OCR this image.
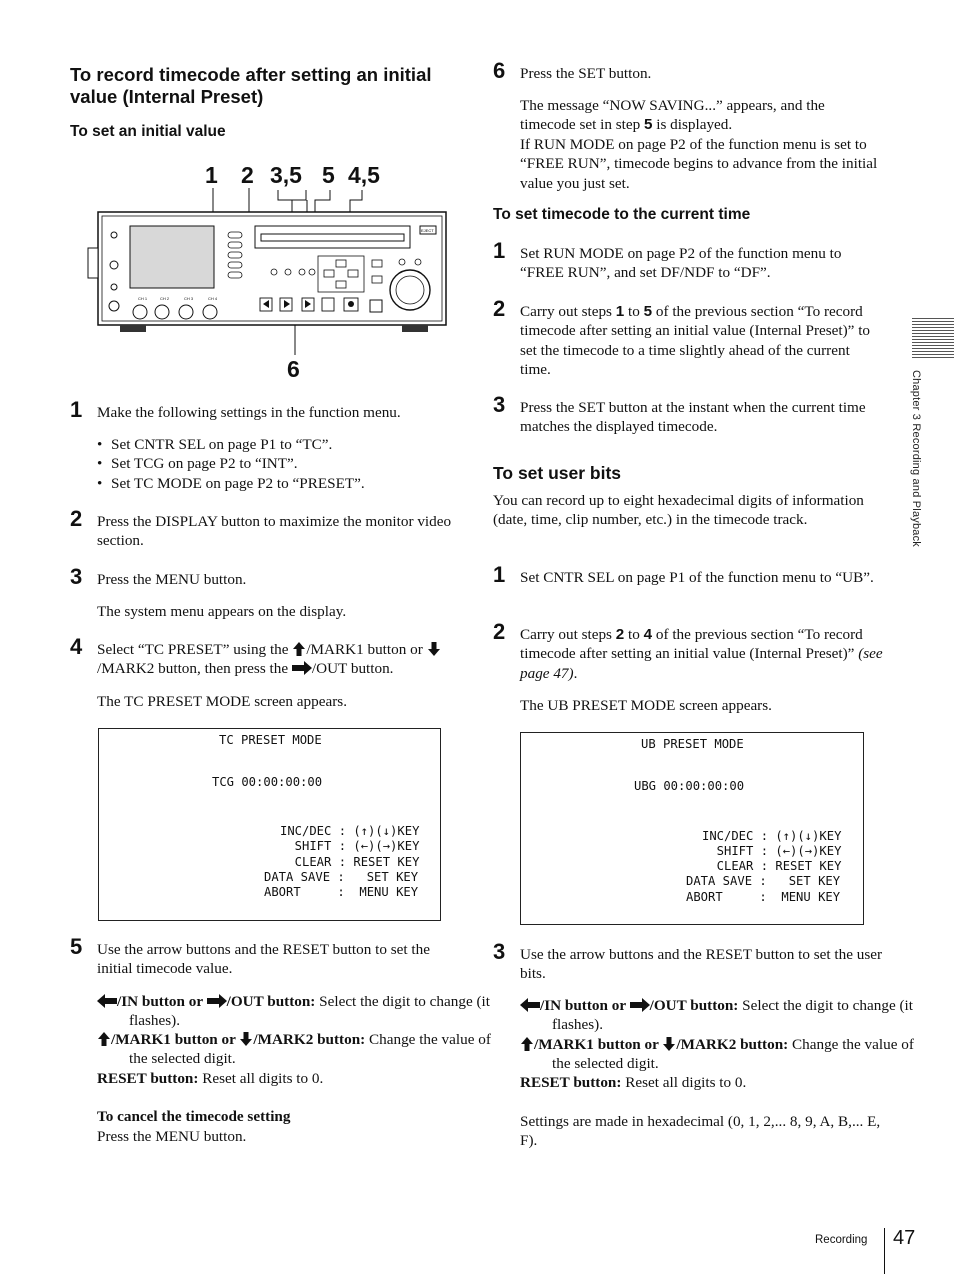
To record timecode after setting an initial value (Internal Preset)
To set an initial value
EJECT
CH 1	CH 2	CH 3	CH 4
1 2 3,5 5 4,5
6
1 Make the following settings in the function menu.
• Set CNTR SEL on page P1 to “TC”.
• Set TCG on page P2 to “INT”.
• Set TC MODE on page P2 to “PRESET”.
2 Press the DISPLAY button to maximize the monitor video section.
3 Press the MENU button.
The system menu appears on the display.
4 Select “TC PRESET” using the /MARK1 button or /MARK2 button, then press the /OUT button.
The TC PRESET MODE screen appears.
TC PRESET MODE
TCG 00:00:00:00
INC/DEC : (↑)(↓)KEY
SHIFT : (←)(→)KEY
CLEAR : RESET KEY
DATA SAVE :   SET KEY
ABORT     :  MENU KEY
5 Use the arrow buttons and the RESET button to set the initial timecode value.
/IN button or /OUT button: Select the digit to change (it flashes).
/MARK1 button or /MARK2 button: Change the value of the selected digit.
RESET button: Reset all digits to 0.
To cancel the timecode setting
Press the MENU button.
6 Press the SET button.
The message “NOW SAVING...” appears, and the timecode set in step 5 is displayed.
If RUN MODE on page P2 of the function menu is set to “FREE RUN”, timecode begins to advance from the initial value you just set.
To set timecode to the current time
1 Set RUN MODE on page P2 of the function menu to “FREE RUN”, and set DF/NDF to “DF”.
2 Carry out steps 1 to 5 of the previous section “To record timecode after setting an initial value (Internal Preset)” to set the timecode to a time slightly ahead of the current time.
3 Press the SET button at the instant when the current time matches the displayed timecode.
To set user bits
You can record up to eight hexadecimal digits of information (date, time, clip number, etc.) in the timecode track.
1 Set CNTR SEL on page P1 of the function menu to “UB”.
2 Carry out steps 2 to 4 of the previous section “To record timecode after setting an initial value (Internal Preset)” (see page 47).
The UB PRESET MODE screen appears.
UB PRESET MODE
UBG 00:00:00:00
INC/DEC : (↑)(↓)KEY
SHIFT : (←)(→)KEY
CLEAR : RESET KEY
DATA SAVE :   SET KEY
ABORT     :  MENU KEY
3 Use the arrow buttons and the RESET button to set the user bits.
/IN button or /OUT button: Select the digit to change (it flashes).
/MARK1 button or /MARK2 button: Change the value of the selected digit.
RESET button: Reset all digits to 0.
Settings are made in hexadecimal (0, 1, 2,... 8, 9, A, B,... E, F).
Chapter 3 Recording and Playback
Recording 47
